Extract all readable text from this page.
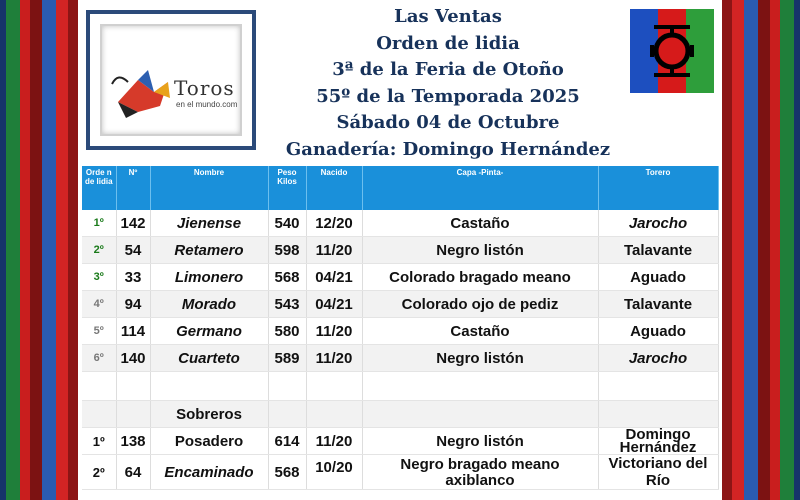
Toros
en el mundo.com
Las Ventas
Orden de lidia
3ª de la Feria de Otoño
55º de la Temporada 2025
Sábado 04 de Octubre
Ganadería: Domingo Hernández
Orde n de lidia	Nº	Nombre	Peso Kilos	Nacido	Capa -Pinta-	Torero
1º	142	Jienense	540	12/20	Castaño	Jarocho
2º	54	Retamero	598	11/20	Negro listón	Talavante
3º	33	Limonero	568	04/21	Colorado bragado meano	Aguado
4º	94	Morado	543	04/21	Colorado ojo de pediz	Talavante
5º	114	Germano	580	11/20	Castaño	Aguado
6º	140	Cuarteto	589	11/20	Negro listón	Jarocho

		Sobreros				
1º	138	Posadero	614	11/20	Negro listón	Domingo Hernández
2º	64	Encaminado	568	10/20	Negro bragado meano axiblanco	Victoriano del Río
